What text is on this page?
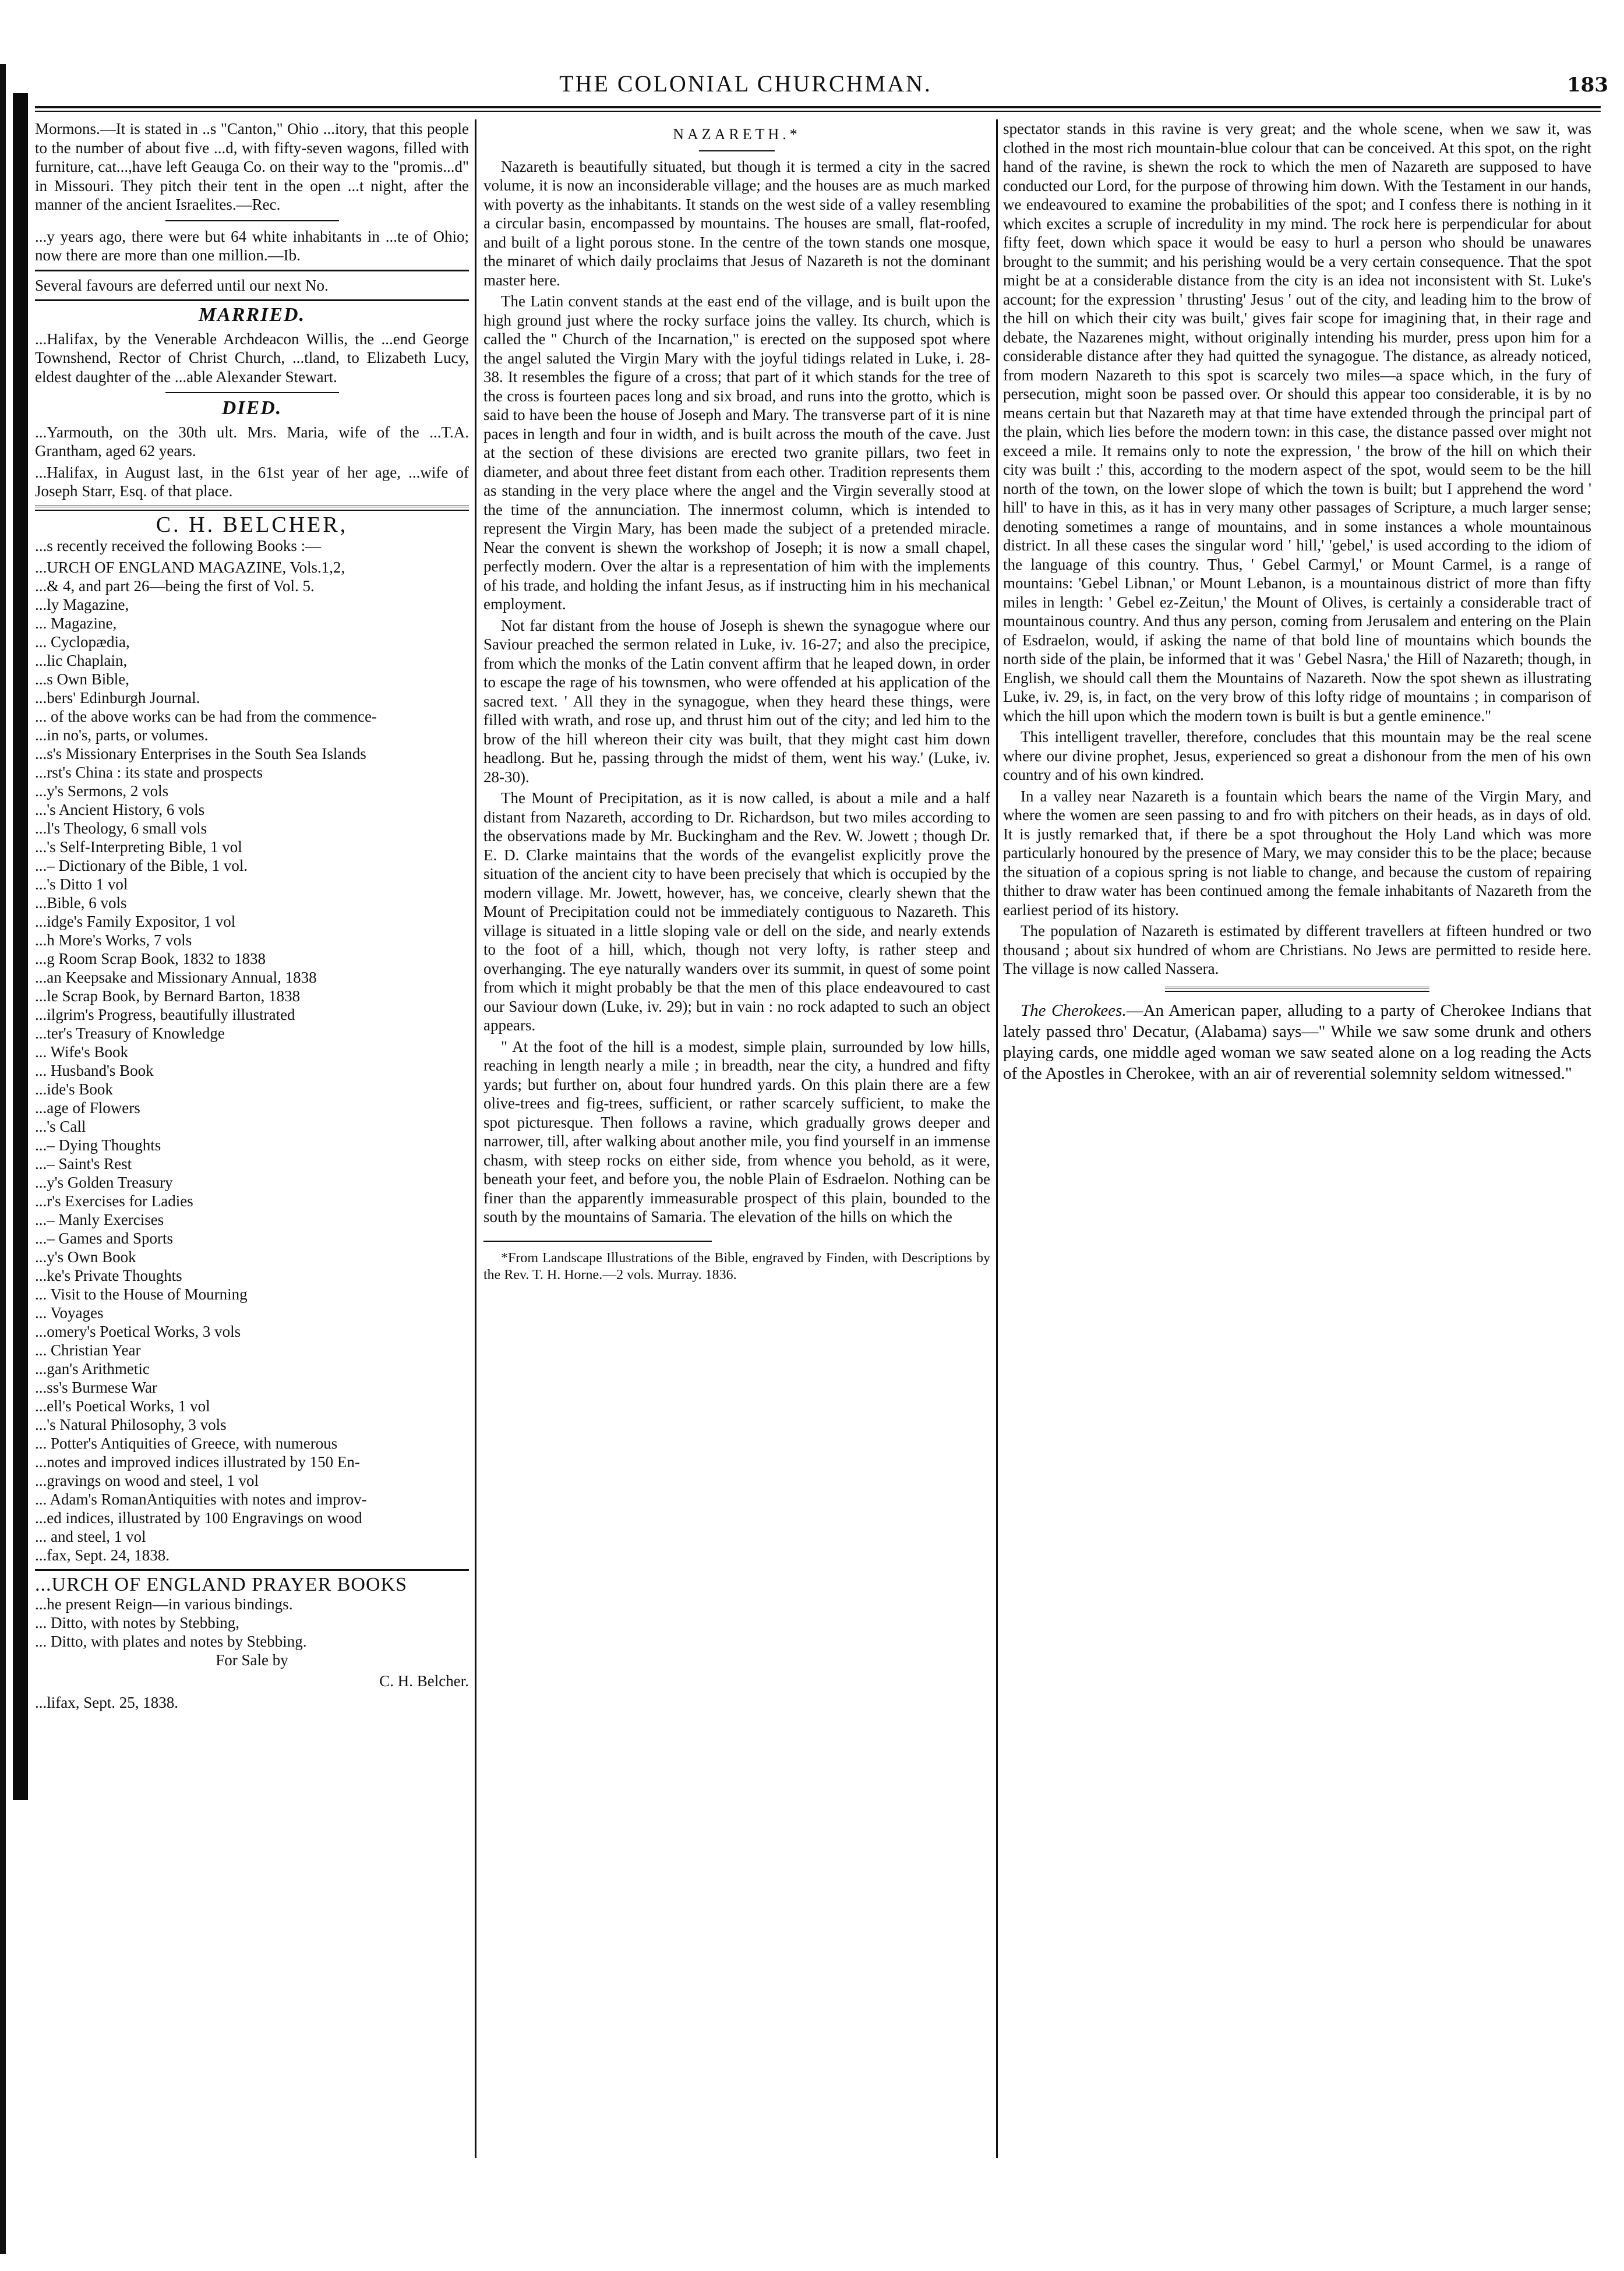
THE COLONIAL CHURCHMAN.	183

Mormons.—It is stated in ..s "Canton," Ohio ...itory, that this people to the number of about five ...d, with fifty-seven wagons, filled with furniture, cat...,have left Geauga Co. on their way to the "promis...d" in Missouri. They pitch their tent in the open ...t night, after the manner of the ancient Israelites.—Rec.

...y years ago, there were but 64 white inhabitants in ...te of Ohio; now there are more than one million.—Ib.

Several favours are deferred until our next No.

MARRIED.

...Halifax, by the Venerable Archdeacon Willis, the ...end George Townshend, Rector of Christ Church, ...tland, to Elizabeth Lucy, eldest daughter of the ...able Alexander Stewart.

DIED.

...Yarmouth, on the 30th ult. Mrs. Maria, wife of the ...T.A. Grantham, aged 62 years.

...Halifax, in August last, in the 61st year of her age, ...wife of Joseph Starr, Esq. of that place.

C. H. BELCHER,

...s recently received the following Books :—

...URCH OF ENGLAND MAGAZINE, Vols.1,2,
...& 4, and part 26—being the first of Vol. 5.
...ly Magazine,
... Magazine,
... Cyclopædia,
...lic Chaplain,
...s Own Bible,
...bers' Edinburgh Journal.
... of the above works can be had from the commence-
...in no's, parts, or volumes.
...s's Missionary Enterprises in the South Sea Islands
...rst's China : its state and prospects
...y's Sermons, 2 vols
...'s Ancient History, 6 vols
...l's Theology, 6 small vols
...'s Self-Interpreting Bible, 1 vol
...– Dictionary of the Bible, 1 vol.
...'s Ditto 1 vol
...Bible, 6 vols
...idge's Family Expositor, 1 vol
...h More's Works, 7 vols
...g Room Scrap Book, 1832 to 1838
...an Keepsake and Missionary Annual, 1838
...le Scrap Book, by Bernard Barton, 1838
...ilgrim's Progress, beautifully illustrated
...ter's Treasury of Knowledge
... Wife's Book
... Husband's Book
...ide's Book
...age of Flowers
...'s Call
...– Dying Thoughts
...– Saint's Rest
...y's Golden Treasury
...r's Exercises for Ladies
...– Manly Exercises
...– Games and Sports
...y's Own Book
...ke's Private Thoughts
... Visit to the House of Mourning
... Voyages
...omery's Poetical Works, 3 vols
... Christian Year
...gan's Arithmetic
...ss's Burmese War
...ell's Poetical Works, 1 vol
...'s Natural Philosophy, 3 vols
... Potter's Antiquities of Greece, with numerous
...notes and improved indices illustrated by 150 En-
...gravings on wood and steel, 1 vol
... Adam's RomanAntiquities with notes and improv-
...ed indices, illustrated by 100 Engravings on wood
... and steel, 1 vol

...fax, Sept. 24, 1838.

...URCH OF ENGLAND PRAYER BOOKS
...he present Reign—in various bindings.
... Ditto, with notes by Stebbing,
... Ditto, with plates and notes by Stebbing.

For Sale by

C. H. Belcher.

...lifax, Sept. 25, 1838.

NAZARETH.*

Nazareth is beautifully situated, but though it is termed a city in the sacred volume, it is now an inconsiderable village; and the houses are as much marked with poverty as the inhabitants. It stands on the west side of a valley resembling a circular basin, encompassed by mountains. The houses are small, flat-roofed, and built of a light porous stone. In the centre of the town stands one mosque, the minaret of which daily proclaims that Jesus of Nazareth is not the dominant master here.

The Latin convent stands at the east end of the village, and is built upon the high ground just where the rocky surface joins the valley. Its church, which is called the " Church of the Incarnation," is erected on the supposed spot where the angel saluted the Virgin Mary with the joyful tidings related in Luke, i. 28-38. It resembles the figure of a cross; that part of it which stands for the tree of the cross is fourteen paces long and six broad, and runs into the grotto, which is said to have been the house of Joseph and Mary. The transverse part of it is nine paces in length and four in width, and is built across the mouth of the cave. Just at the section of these divisions are erected two granite pillars, two feet in diameter, and about three feet distant from each other. Tradition represents them as standing in the very place where the angel and the Virgin severally stood at the time of the annunciation. The innermost column, which is intended to represent the Virgin Mary, has been made the subject of a pretended miracle. Near the convent is shewn the workshop of Joseph; it is now a small chapel, perfectly modern. Over the altar is a representation of him with the implements of his trade, and holding the infant Jesus, as if instructing him in his mechanical employment.

Not far distant from the house of Joseph is shewn the synagogue where our Saviour preached the sermon related in Luke, iv. 16-27; and also the precipice, from which the monks of the Latin convent affirm that he leaped down, in order to escape the rage of his townsmen, who were offended at his application of the sacred text. ' All they in the synagogue, when they heard these things, were filled with wrath, and rose up, and thrust him out of the city; and led him to the brow of the hill whereon their city was built, that they might cast him down headlong. But he, passing through the midst of them, went his way.' (Luke, iv. 28-30).

The Mount of Precipitation, as it is now called, is about a mile and a half distant from Nazareth, according to Dr. Richardson, but two miles according to the observations made by Mr. Buckingham and the Rev. W. Jowett ; though Dr. E. D. Clarke maintains that the words of the evangelist explicitly prove the situation of the ancient city to have been precisely that which is occupied by the modern village. Mr. Jowett, however, has, we conceive, clearly shewn that the Mount of Precipitation could not be immediately contiguous to Nazareth. This village is situated in a little sloping vale or dell on the side, and nearly extends to the foot of a hill, which, though not very lofty, is rather steep and overhanging. The eye naturally wanders over its summit, in quest of some point from which it might probably be that the men of this place endeavoured to cast our Saviour down (Luke, iv. 29); but in vain : no rock adapted to such an object appears.

" At the foot of the hill is a modest, simple plain, surrounded by low hills, reaching in length nearly a mile ; in breadth, near the city, a hundred and fifty yards; but further on, about four hundred yards. On this plain there are a few olive-trees and fig-trees, sufficient, or rather scarcely sufficient, to make the spot picturesque. Then follows a ravine, which gradually grows deeper and narrower, till, after walking about another mile, you find yourself in an immense chasm, with steep rocks on either side, from whence you behold, as it were, beneath your feet, and before you, the noble Plain of Esdraelon. Nothing can be finer than the apparently immeasurable prospect of this plain, bounded to the south by the mountains of Samaria. The elevation of the hills on which the

*From Landscape Illustrations of the Bible, engraved by Finden, with Descriptions by the Rev. T. H. Horne.—2 vols. Murray. 1836.

spectator stands in this ravine is very great; and the whole scene, when we saw it, was clothed in the most rich mountain-blue colour that can be conceived. At this spot, on the right hand of the ravine, is shewn the rock to which the men of Nazareth are supposed to have conducted our Lord, for the purpose of throwing him down. With the Testament in our hands, we endeavoured to examine the probabilities of the spot; and I confess there is nothing in it which excites a scruple of incredulity in my mind. The rock here is perpendicular for about fifty feet, down which space it would be easy to hurl a person who should be unawares brought to the summit; and his perishing would be a very certain consequence. That the spot might be at a considerable distance from the city is an idea not inconsistent with St. Luke's account; for the expression ' thrusting' Jesus ' out of the city, and leading him to the brow of the hill on which their city was built,' gives fair scope for imagining that, in their rage and debate, the Nazarenes might, without originally intending his murder, press upon him for a considerable distance after they had quitted the synagogue. The distance, as already noticed, from modern Nazareth to this spot is scarcely two miles—a space which, in the fury of persecution, might soon be passed over. Or should this appear too considerable, it is by no means certain but that Nazareth may at that time have extended through the principal part of the plain, which lies before the modern town: in this case, the distance passed over might not exceed a mile. It remains only to note the expression, ' the brow of the hill on which their city was built :' this, according to the modern aspect of the spot, would seem to be the hill north of the town, on the lower slope of which the town is built; but I apprehend the word ' hill' to have in this, as it has in very many other passages of Scripture, a much larger sense; denoting sometimes a range of mountains, and in some instances a whole mountainous district. In all these cases the singular word ' hill,' 'gebel,' is used according to the idiom of the language of this country. Thus, ' Gebel Carmyl,' or Mount Carmel, is a range of mountains: 'Gebel Libnan,' or Mount Lebanon, is a mountainous district of more than fifty miles in length: ' Gebel ez-Zeitun,' the Mount of Olives, is certainly a considerable tract of mountainous country. And thus any person, coming from Jerusalem and entering on the Plain of Esdraelon, would, if asking the name of that bold line of mountains which bounds the north side of the plain, be informed that it was ' Gebel Nasra,' the Hill of Nazareth; though, in English, we should call them the Mountains of Nazareth. Now the spot shewn as illustrating Luke, iv. 29, is, in fact, on the very brow of this lofty ridge of mountains ; in comparison of which the hill upon which the modern town is built is but a gentle eminence."

This intelligent traveller, therefore, concludes that this mountain may be the real scene where our divine prophet, Jesus, experienced so great a dishonour from the men of his own country and of his own kindred.

In a valley near Nazareth is a fountain which bears the name of the Virgin Mary, and where the women are seen passing to and fro with pitchers on their heads, as in days of old. It is justly remarked that, if there be a spot throughout the Holy Land which was more particularly honoured by the presence of Mary, we may consider this to be the place; because the situation of a copious spring is not liable to change, and because the custom of repairing thither to draw water has been continued among the female inhabitants of Nazareth from the earliest period of its history.

The population of Nazareth is estimated by different travellers at fifteen hundred or two thousand ; about six hundred of whom are Christians. No Jews are permitted to reside here. The village is now called Nassera.

The Cherokees.—An American paper, alluding to a party of Cherokee Indians that lately passed thro' Decatur, (Alabama) says—" While we saw some drunk and others playing cards, one middle aged woman we saw seated alone on a log reading the Acts of the Apostles in Cherokee, with an air of reverential solemnity seldom witnessed."
